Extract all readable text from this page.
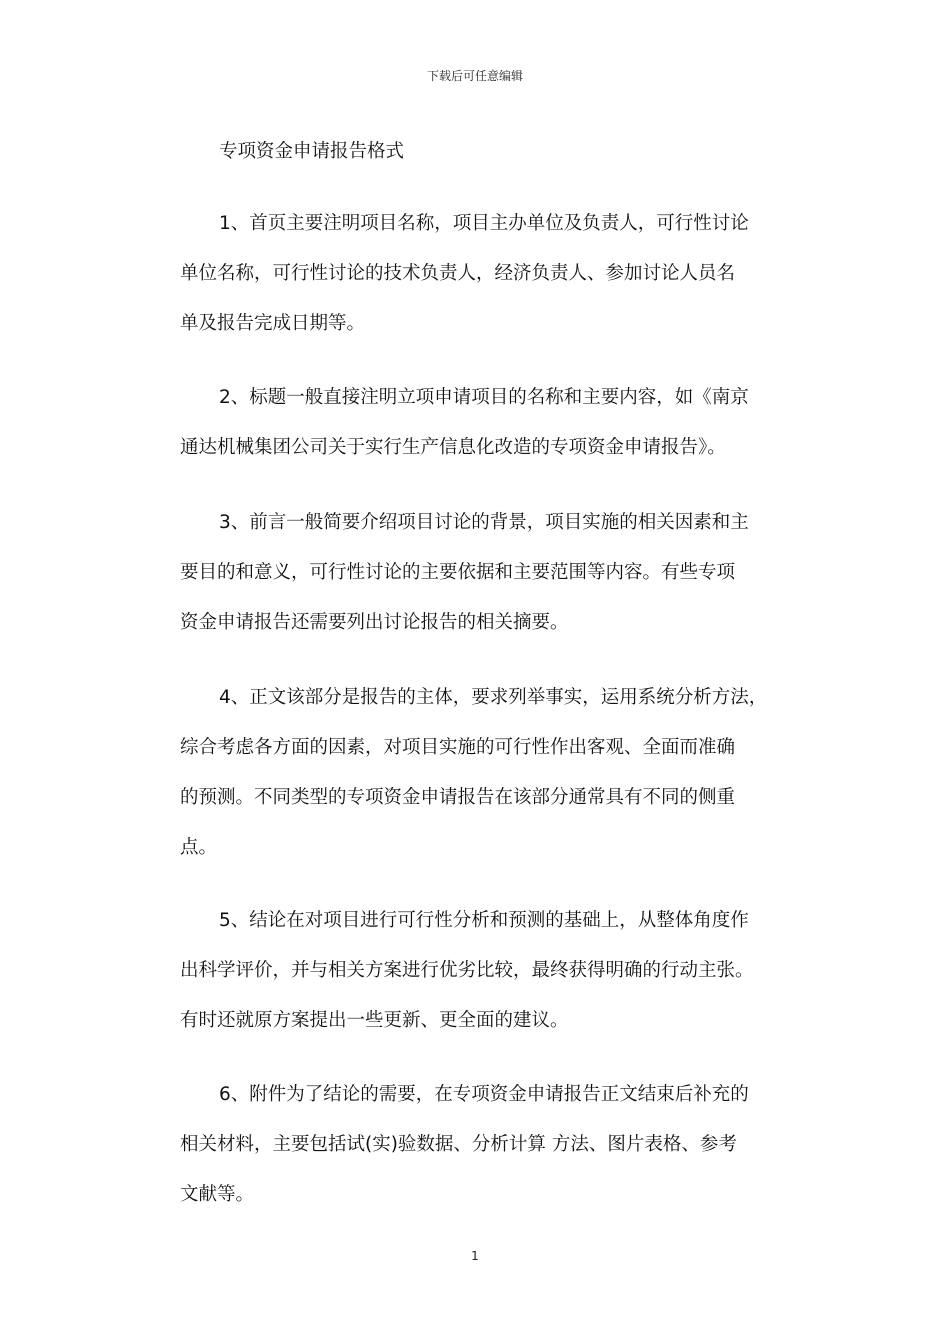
下载后可任意编辑
专项资金申请报告格式
1、首页主要注明项目名称，项目主办单位及负责人，可行性讨论
单位名称，可行性讨论的技术负责人，经济负责人、参加讨论人员名
单及报告完成日期等。
2、标题一般直接注明立项申请项目的名称和主要内容，如《南京
通达机械集团公司关于实行生产信息化改造的专项资金申请报告》。
3、前言一般简要介绍项目讨论的背景，项目实施的相关因素和主
要目的和意义，可行性讨论的主要依据和主要范围等内容。有些专项
资金申请报告还需要列出讨论报告的相关摘要。
4、正文该部分是报告的主体，要求列举事实，运用系统分析方法，
综合考虑各方面的因素，对项目实施的可行性作出客观、全面而准确
的预测。不同类型的专项资金申请报告在该部分通常具有不同的侧重
点。
5、结论在对项目进行可行性分析和预测的基础上，从整体角度作
出科学评价，并与相关方案进行优劣比较，最终获得明确的行动主张。
有时还就原方案提出一些更新、更全面的建议。
6、附件为了结论的需要，在专项资金申请报告正文结束后补充的
相关材料，主要包括试(实)验数据、分析计算 方法、图片表格、参考
文献等。
1
